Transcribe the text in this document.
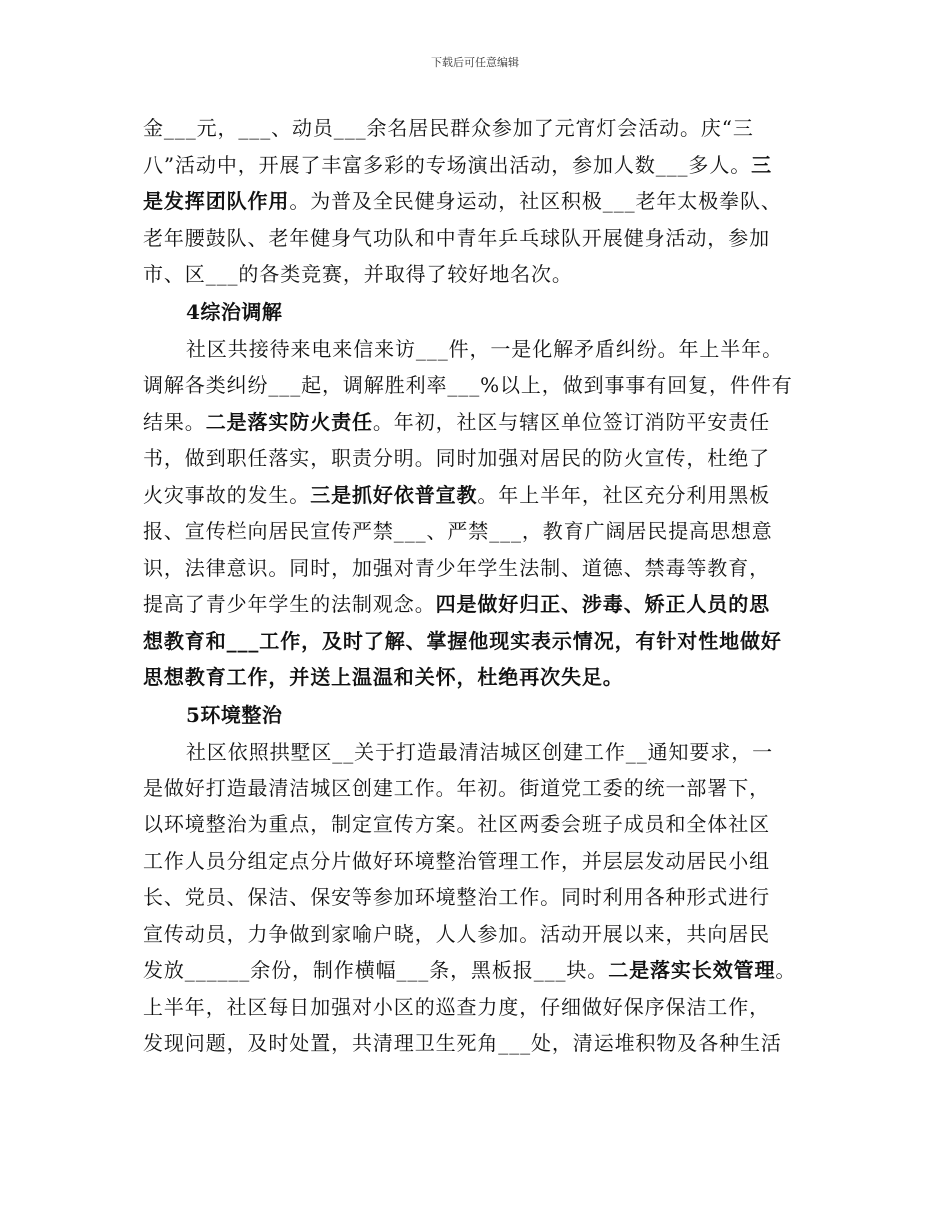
下载后可任意编辑
金___元，___、动员___余名居民群众参加了元宵灯会活动。庆“三
八”活动中，开展了丰富多彩的专场演出活动，参加人数___多人。三
是发挥团队作用。为普及全民健身运动，社区积极___老年太极拳队、
老年腰鼓队、老年健身气功队和中青年乒乓球队开展健身活动，参加
市、区___的各类竞赛，并取得了较好地名次。
4综治调解
社区共接待来电来信来访___件，一是化解矛盾纠纷。年上半年。
调解各类纠纷___起，调解胜利率___%以上，做到事事有回复，件件有
结果。二是落实防火责任。年初，社区与辖区单位签订消防平安责任
书，做到职任落实，职责分明。同时加强对居民的防火宣传，杜绝了
火灾事故的发生。三是抓好依普宣教。年上半年，社区充分利用黑板
报、宣传栏向居民宣传严禁___、严禁___，教育广阔居民提高思想意
识，法律意识。同时，加强对青少年学生法制、道德、禁毒等教育，
提高了青少年学生的法制观念。四是做好归正、涉毒、矫正人员的思
想教育和___工作，及时了解、掌握他现实表示情况，有针对性地做好
思想教育工作，并送上温温和关怀，杜绝再次失足。
5环境整治
社区依照拱墅区__关于打造最清洁城区创建工作__通知要求，一
是做好打造最清洁城区创建工作。年初。街道党工委的统一部署下，
以环境整治为重点，制定宣传方案。社区两委会班子成员和全体社区
工作人员分组定点分片做好环境整治管理工作，并层层发动居民小组
长、党员、保洁、保安等参加环境整治工作。同时利用各种形式进行
宣传动员，力争做到家喻户晓，人人参加。活动开展以来，共向居民
发放______余份，制作横幅___条，黑板报___块。二是落实长效管理。
上半年，社区每日加强对小区的巡查力度，仔细做好保序保洁工作，
发现问题，及时处置，共清理卫生死角___处，清运堆积物及各种生活
